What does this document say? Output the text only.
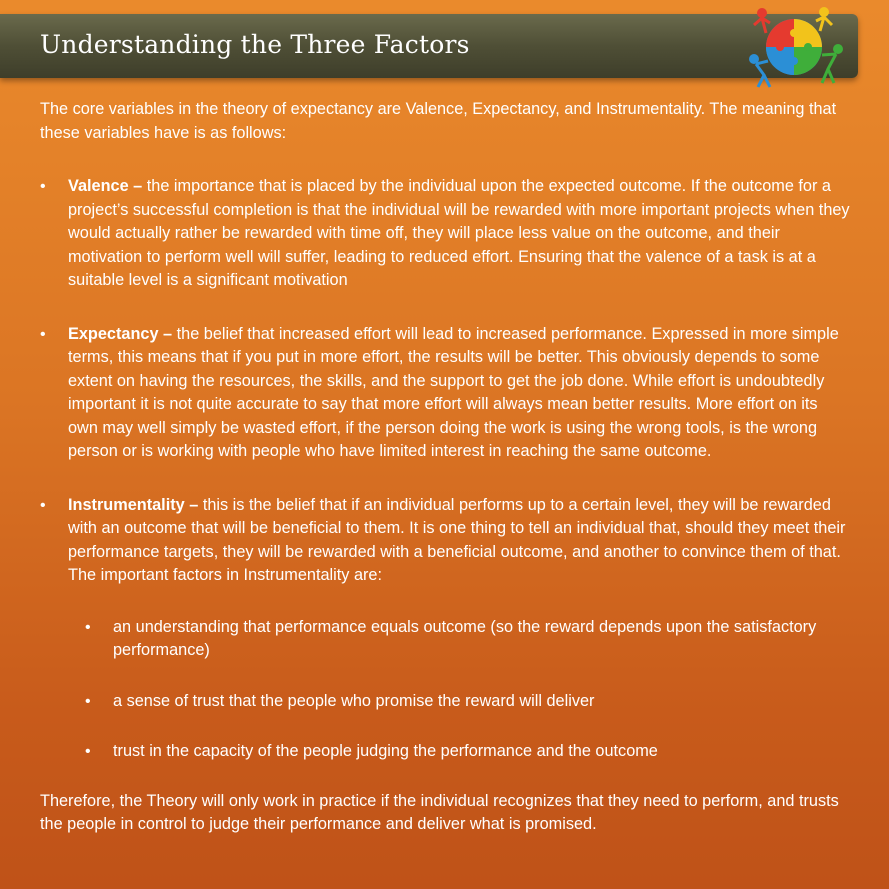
Understanding the Three Factors

The core variables in the theory of expectancy are Valence, Expectancy, and Instrumentality. The meaning that these variables have is as follows:

• Valence – the importance that is placed by the individual upon the expected outcome. If the outcome for a project’s successful completion is that the individual will be rewarded with more important projects when they would actually rather be rewarded with time off, they will place less value on the outcome, and their motivation to perform well will suffer, leading to reduced effort. Ensuring that the valence of a task is at a suitable level is a significant motivation
• Expectancy – the belief that increased effort will lead to increased performance. Expressed in more simple terms, this means that if you put in more effort, the results will be better. This obviously depends to some extent on having the resources, the skills, and the support to get the job done. While effort is undoubtedly important it is not quite accurate to say that more effort will always mean better results. More effort on its own may well simply be wasted effort, if the person doing the work is using the wrong tools, is the wrong person or is working with people who have limited interest in reaching the same outcome.
• Instrumentality – this is the belief that if an individual performs up to a certain level, they will be rewarded with an outcome that will be beneficial to them. It is one thing to tell an individual that, should they meet their performance targets, they will be rewarded with a beneficial outcome, and another to convince them of that. The important factors in Instrumentality are:
• an understanding that performance equals outcome (so the reward depends upon the satisfactory performance)
• a sense of trust that the people who promise the reward will deliver
• trust in the capacity of the people judging the performance and the outcome

Therefore, the Theory will only work in practice if the individual recognizes that they need to perform, and trusts the people in control to judge their performance and deliver what is promised.
